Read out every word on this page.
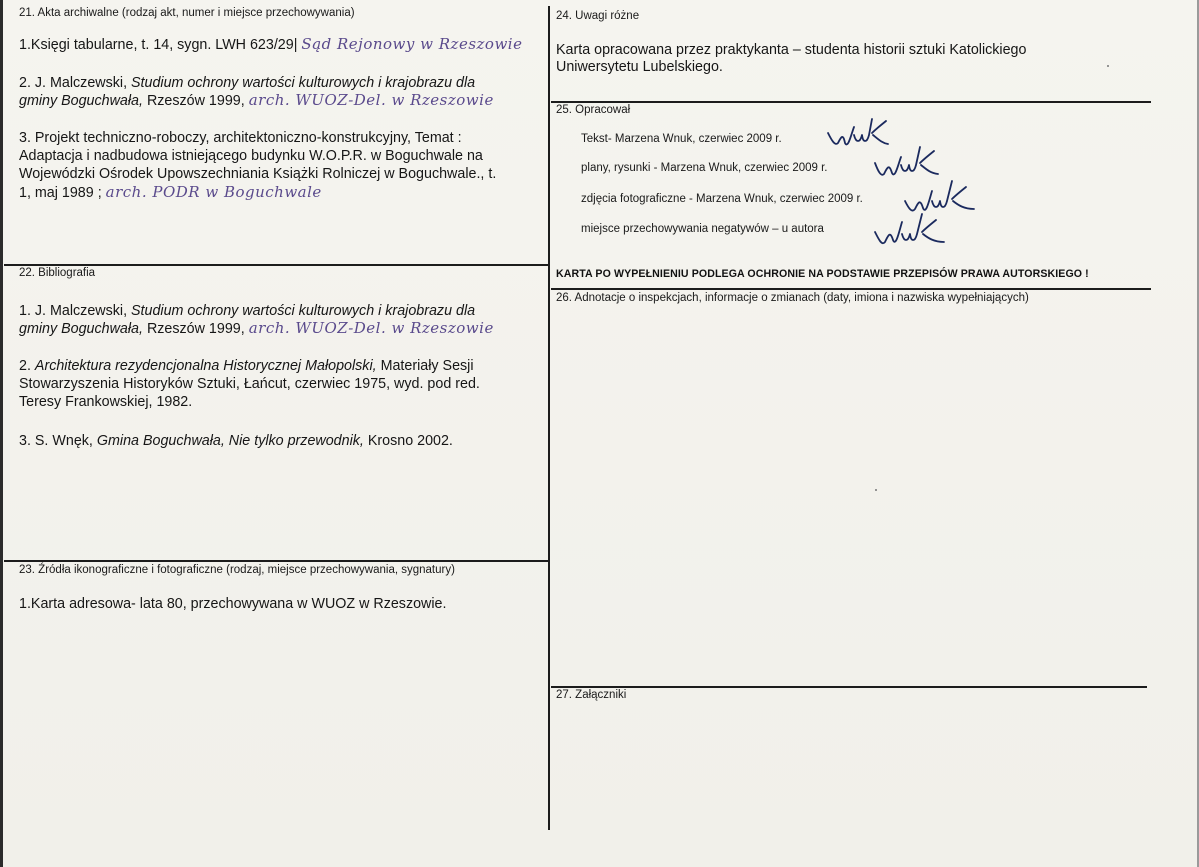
21. Akta archiwalne (rodzaj akt, numer i miejsce przechowywania)
1.Księgi tabularne, t. 14, sygn. LWH 623/29| Sąd Rejonowy w Rzeszowie
2. J. Malczewski, Studium ochrony wartości kulturowych i krajobrazu dla
gminy Boguchwała, Rzeszów 1999, arch. WUOZ-Del. w Rzeszowie
3. Projekt techniczno-roboczy, architektoniczno-konstrukcyjny, Temat :
Adaptacja i nadbudowa istniejącego budynku W.O.P.R. w Boguchwale na
Wojewódzki Ośrodek Upowszechniania Książki Rolniczej w Boguchwale., t.
1, maj 1989 ; arch. PODR w Boguchwale
22. Bibliografia
1. J. Malczewski, Studium ochrony wartości kulturowych i krajobrazu dla
gminy Boguchwała, Rzeszów 1999, arch. WUOZ-Del. w Rzeszowie
2. Architektura rezydencjonalna Historycznej Małopolski, Materiały Sesji
Stowarzyszenia Historyków Sztuki, Łańcut, czerwiec 1975, wyd. pod red.
Teresy Frankowskiej, 1982.
3. S. Wnęk, Gmina Boguchwała, Nie tylko przewodnik, Krosno 2002.
23. Źródła ikonograficzne i fotograficzne (rodzaj, miejsce przechowywania, sygnatury)
1.Karta adresowa- lata 80, przechowywana w WUOZ w Rzeszowie.
24. Uwagi różne
Karta opracowana przez praktykanta – studenta historii sztuki Katolickiego
Uniwersytetu Lubelskiego.
25. Opracował
Tekst- Marzena Wnuk, czerwiec 2009 r.
plany, rysunki - Marzena Wnuk, czerwiec 2009 r.
zdjęcia fotograficzne - Marzena Wnuk, czerwiec 2009 r.
miejsce przechowywania negatywów – u autora
KARTA PO WYPEŁNIENIU PODLEGA OCHRONIE NA PODSTAWIE PRZEPISÓW PRAWA AUTORSKIEGO !
26. Adnotacje o inspekcjach, informacje o zmianach (daty, imiona i nazwiska wypełniających)
27. Załączniki
